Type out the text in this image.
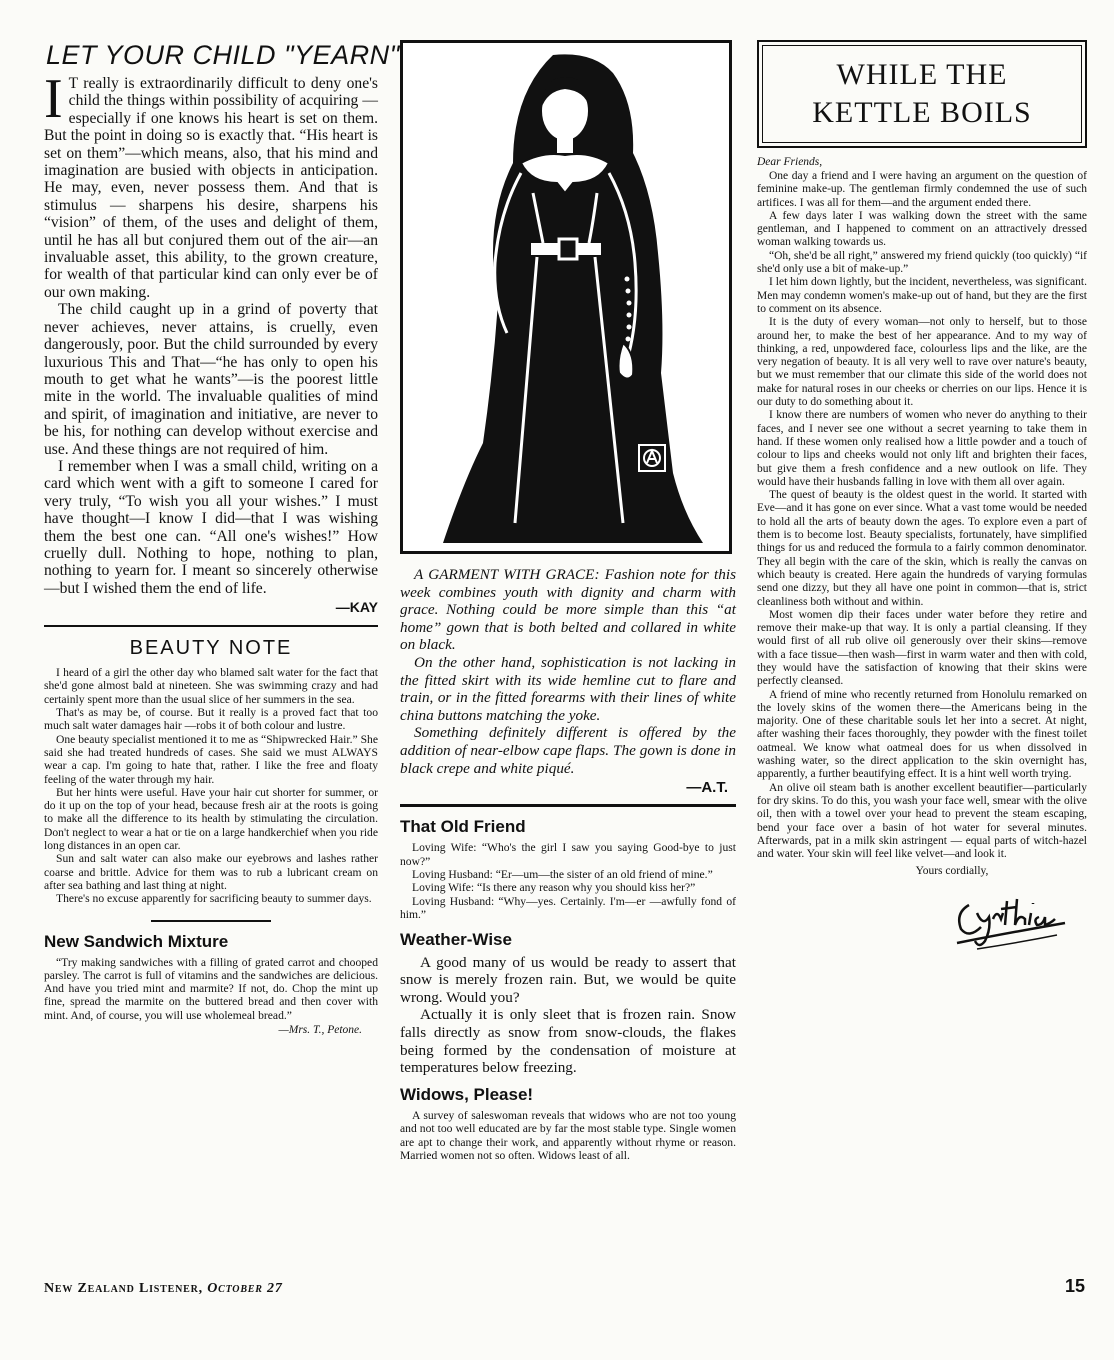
LET YOUR CHILD "YEARN"

I T really is extraordinarily difficult to deny one's child the things within possibility of acquiring — especially if one knows his heart is set on them. But the point in doing so is exactly that. “His heart is set on them”—which means, also, that his mind and imagination are busied with objects in anticipation. He may, even, never possess them. And that is stimulus — sharpens his desire, sharpens his “vision” of them, of the uses and delight of them, until he has all but conjured them out of the air—an invaluable asset, this ability, to the grown creature, for wealth of that particular kind can only ever be of our own making.

The child caught up in a grind of poverty that never achieves, never attains, is cruelly, even dangerously, poor. But the child surrounded by every luxurious This and That—“he has only to open his mouth to get what he wants”—is the poorest little mite in the world. The invaluable qualities of mind and spirit, of imagination and initiative, are never to be his, for nothing can develop without exercise and use. And these things are not required of him.

I remember when I was a small child, writing on a card which went with a gift to someone I cared for very truly, “To wish you all your wishes.” I must have thought—I know I did—that I was wishing them the best one can. “All one's wishes!” How cruelly dull. Nothing to hope, nothing to plan, nothing to yearn for. I meant so sincerely otherwise—but I wished them the end of life.

—KAY
BEAUTY NOTE

I heard of a girl the other day who blamed salt water for the fact that she'd gone almost bald at nineteen. She was swimming crazy and had certainly spent more than the usual slice of her summers in the sea.

That's as may be, of course. But it really is a proved fact that too much salt water damages hair —robs it of both colour and lustre.

One beauty specialist mentioned it to me as “Shipwrecked Hair.” She said she had treated hundreds of cases. She said we must ALWAYS wear a cap. I'm going to hate that, rather. I like the free and floaty feeling of the water through my hair.

But her hints were useful. Have your hair cut shorter for summer, or do it up on the top of your head, because fresh air at the roots is going to make all the difference to its health by stimulating the circulation. Don't neglect to wear a hat or tie on a large handkerchief when you ride long distances in an open car.

Sun and salt water can also make our eyebrows and lashes rather coarse and brittle. Advice for them was to rub a lubricant cream on after sea bathing and last thing at night.

There's no excuse apparently for sacrificing beauty to summer days.

New Sandwich Mixture

“Try making sandwiches with a filling of grated carrot and chooped parsley. The carrot is full of vitamins and the sandwiches are delicious. And have you tried mint and marmite? If not, do. Chop the mint up fine, spread the marmite on the buttered bread and then cover with mint. And, of course, you will use wholemeal bread.”

—Mrs. T., Petone.

A GARMENT WITH GRACE: Fashion note for this week combines youth with dignity and charm with grace. Nothing could be more simple than this “at home” gown that is both belted and collared in white on black.

On the other hand, sophistication is not lacking in the fitted skirt with its wide hemline cut to flare and train, or in the fitted forearms with their lines of white china buttons matching the yoke.

Something definitely different is offered by the addition of near-elbow cape flaps. The gown is done in black crepe and white piqué.

—A.T.
That Old Friend

Loving Wife: “Who's the girl I saw you saying Good-bye to just now?”

Loving Husband: “Er—um—the sister of an old friend of mine.”

Loving Wife: “Is there any reason why you should kiss her?”

Loving Husband: “Why—yes. Certainly. I'm—er —awfully fond of him.”

Weather-Wise

A good many of us would be ready to assert that snow is merely frozen rain. But, we would be quite wrong. Would you?

Actually it is only sleet that is frozen rain. Snow falls directly as snow from snow-clouds, the flakes being formed by the condensation of moisture at temperatures below freezing.

Widows, Please!

A survey of saleswoman reveals that widows who are not too young and not too well educated are by far the most stable type. Single women are apt to change their work, and apparently without rhyme or reason. Married women not so often. Widows least of all.

WHILE THE
KETTLE BOILS
Dear Friends,

One day a friend and I were having an argument on the question of feminine make-up. The gentleman firmly condemned the use of such artifices. I was all for them—and the argument ended there.

A few days later I was walking down the street with the same gentleman, and I happened to comment on an attractively dressed woman walking towards us.

“Oh, she'd be all right,” answered my friend quickly (too quickly) “if she'd only use a bit of make-up.”

I let him down lightly, but the incident, nevertheless, was significant. Men may condemn women's make-up out of hand, but they are the first to comment on its absence.

It is the duty of every woman—not only to herself, but to those around her, to make the best of her appearance. And to my way of thinking, a red, unpowdered face, colourless lips and the like, are the very negation of beauty. It is all very well to rave over nature's beauty, but we must remember that our climate this side of the world does not make for natural roses in our cheeks or cherries on our lips. Hence it is our duty to do something about it.

I know there are numbers of women who never do anything to their faces, and I never see one without a secret yearning to take them in hand. If these women only realised how a little powder and a touch of colour to lips and cheeks would not only lift and brighten their faces, but give them a fresh confidence and a new outlook on life. They would have their husbands falling in love with them all over again.

The quest of beauty is the oldest quest in the world. It started with Eve—and it has gone on ever since. What a vast tome would be needed to hold all the arts of beauty down the ages. To explore even a part of them is to become lost. Beauty specialists, fortunately, have simplified things for us and reduced the formula to a fairly common denominator. They all begin with the care of the skin, which is really the canvas on which beauty is created. Here again the hundreds of varying formulas send one dizzy, but they all have one point in common—that is, strict cleanliness both without and within.

Most women dip their faces under water before they retire and remove their make-up that way. It is only a partial cleansing. If they would first of all rub olive oil generously over their skins—remove with a face tissue—then wash—first in warm water and then with cold, they would have the satisfaction of knowing that their skins were perfectly cleansed.

A friend of mine who recently returned from Honolulu remarked on the lovely skins of the women there—the Americans being in the majority. One of these charitable souls let her into a secret. At night, after washing their faces thoroughly, they powder with the finest toilet oatmeal. We know what oatmeal does for us when dissolved in washing water, so the direct application to the skin overnight has, apparently, a further beautifying effect. It is a hint well worth trying.

An olive oil steam bath is another excellent beautifier—particularly for dry skins. To do this, you wash your face well, smear with the olive oil, then with a towel over your head to prevent the steam escaping, bend your face over a basin of hot water for several minutes. Afterwards, pat in a milk skin astringent — equal parts of witch-hazel and water. Your skin will feel like velvet—and look it.

Yours cordially,
New Zealand Listener, October 27	15
